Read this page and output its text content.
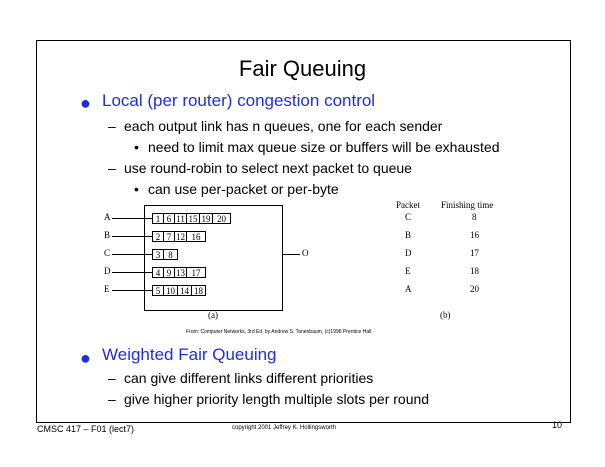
Fair Queuing
● Local (per router) congestion control
– each output link has n queues, one for each sender
• need to limit max queue size or buffers will be exhausted
– use round-robin to select next packet to queue
• can use per-packet or per-byte
A
B
C
D
E
1 6 11 15 19 20
2 7 12 16
3 8
4 9 13 17
5 10 14 18
O
(a)
Packet Finishing time
C	8
B	16
D	17
E	18
A	20
(b)
From: Computer Networks, 3rd Ed. by Andrew S. Tanenbaum, (c)1996 Prentice Hall.
● Weighted Fair Queuing
– can give different links different priorities
– give higher priority length multiple slots per round
CMSC 417 – F01 (lect7)	copyright 2001 Jeffrey K. Hollingsworth	10
